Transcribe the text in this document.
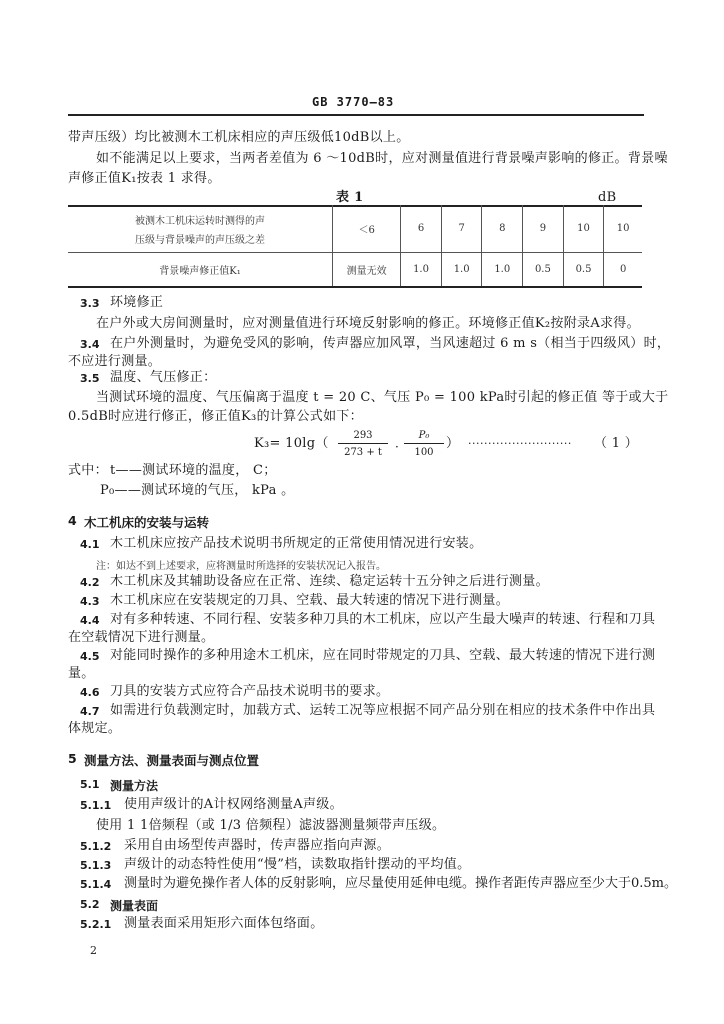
GB 3770—83
带声压级）均比被测木工机床相应的声压级低10dB以上。
如不能满足以上要求，当两者差值为 6 ～10dB时，应对测量值进行背景噪声影响的修正。背景噪
声修正值K₁按表 1 求得。
表 1	dB
被测木工机床运转时测得的声
压级与背景噪声的声压级之差	＜6	6	7	8	9	10	10
背景噪声修正值K₁	测量无效	1.0	1.0	1.0	0.5	0.5	0
3.3 环境修正
在户外或大房间测量时，应对测量值进行环境反射影响的修正。环境修正值K₂按附录A求得。
3.4 在户外测量时，为避免受风的影响，传声器应加风罩，当风速超过 6 m s（相当于四级风）时，
不应进行测量。
3.5 温度、气压修正：
当测试环境的温度、气压偏离于温度 t = 20 C、气压 P₀ = 100 kPa时引起的修正值 等于或大于
0.5dB时应进行修正，修正值K₃的计算公式如下：
K₃= 10lg（
293
273 + t	·
P₀
100
） ·························· （ 1 ）
式中： t——测试环境的温度， C；
P₀——测试环境的气压， kPa 。
4 木工机床的安装与运转
4.1 木工机床应按产品技术说明书所规定的正常使用情况进行安装。
注：如达不到上述要求，应将测量时所选择的安装状况记入报告。
4.2 木工机床及其辅助设备应在正常、连续、稳定运转十五分钟之后进行测量。
4.3 木工机床应在安装规定的刀具、空载、最大转速的情况下进行测量。
4.4 对有多种转速、不同行程、安装多种刀具的木工机床，应以产生最大噪声的转速、行程和刀具
在空载情况下进行测量。
4.5 对能同时操作的多种用途木工机床，应在同时带规定的刀具、空载、最大转速的情况下进行测
量。
4.6 刀具的安装方式应符合产品技术说明书的要求。
4.7 如需进行负载测定时，加载方式、运转工况等应根据不同产品分别在相应的技术条件中作出具
体规定。
5 测量方法、测量表面与测点位置
5.1 测量方法
5.1.1 使用声级计的A计权网络测量A声级。
使用 1 1倍频程（或 1/3 倍频程）滤波器测量频带声压级。
5.1.2 采用自由场型传声器时，传声器应指向声源。
5.1.3 声级计的动态特性使用“慢”档，读数取指针摆动的平均值。
5.1.4 测量时为避免操作者人体的反射影响，应尽量使用延伸电缆。操作者距传声器应至少大于0.5m。
5.2 测量表面
5.2.1 测量表面采用矩形六面体包络面。
2
